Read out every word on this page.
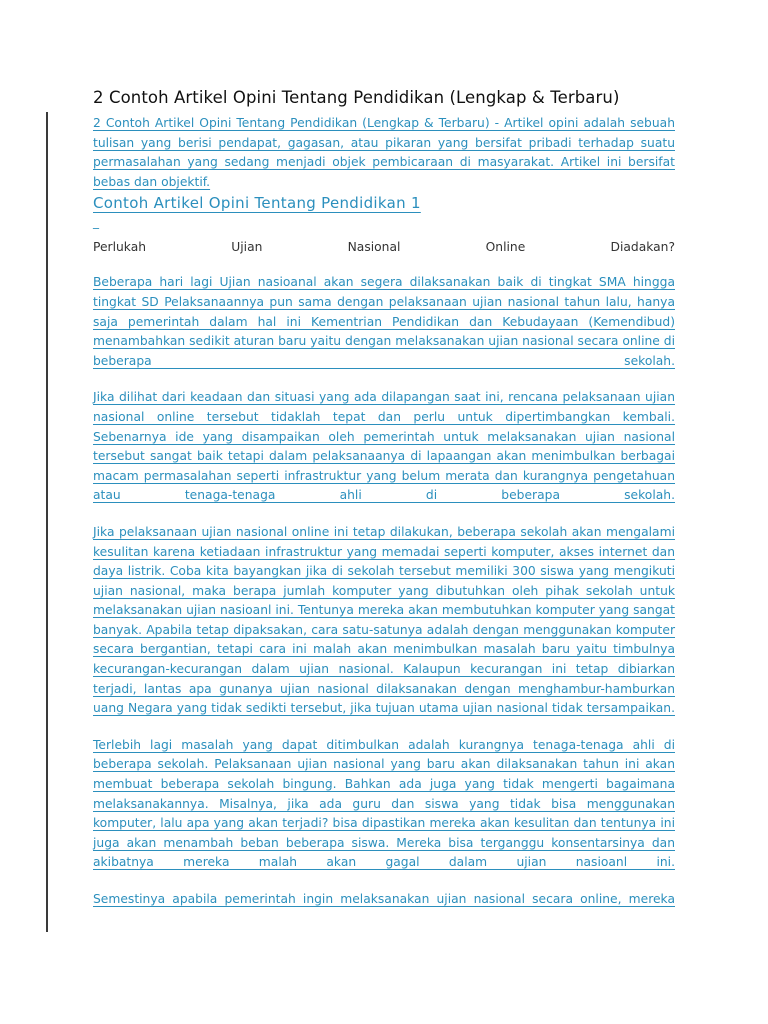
2 Contoh Artikel Opini Tentang Pendidikan (Lengkap & Terbaru)
2 Contoh Artikel Opini Tentang Pendidikan (Lengkap & Terbaru) - Artikel opini adalah sebuah tulisan yang berisi pendapat, gagasan, atau pikaran yang bersifat pribadi terhadap suatu permasalahan yang sedang menjadi objek pembicaraan di masyarakat. Artikel ini bersifat bebas dan objektif.
Contoh Artikel Opini Tentang Pendidikan 1
_
Perlukah	Ujian	Nasional	Online	Diadakan?
Beberapa hari lagi Ujian nasioanal akan segera dilaksanakan baik di tingkat SMA hingga tingkat SD Pelaksanaannya pun sama dengan pelaksanaan ujian nasional tahun lalu, hanya saja pemerintah dalam hal ini Kementrian Pendidikan dan Kebudayaan (Kemendibud) menambahkan sedikit aturan baru yaitu dengan melaksanakan ujian nasional secara online di beberapa sekolah.
Jika dilihat dari keadaan dan situasi yang ada dilapangan saat ini, rencana pelaksanaan ujian nasional online tersebut tidaklah tepat dan perlu untuk dipertimbangkan kembali. Sebenarnya ide yang disampaikan oleh pemerintah untuk melaksanakan ujian nasional tersebut sangat baik tetapi dalam pelaksanaanya di lapaangan akan menimbulkan berbagai macam permasalahan seperti infrastruktur yang belum merata dan kurangnya pengetahuan atau tenaga-tenaga ahli di beberapa sekolah.
Jika pelaksanaan ujian nasional online ini tetap dilakukan, beberapa sekolah akan mengalami kesulitan karena ketiadaan infrastruktur yang memadai seperti komputer, akses internet dan daya listrik. Coba kita bayangkan jika di sekolah tersebut memiliki 300 siswa yang mengikuti ujian nasional, maka berapa jumlah komputer yang dibutuhkan oleh pihak sekolah untuk melaksanakan ujian nasioanl ini. Tentunya mereka akan membutuhkan komputer yang sangat banyak. Apabila tetap dipaksakan, cara satu-satunya adalah dengan menggunakan komputer secara bergantian, tetapi cara ini malah akan menimbulkan masalah baru yaitu timbulnya kecurangan-kecurangan dalam ujian nasional. Kalaupun kecurangan ini tetap dibiarkan terjadi, lantas apa gunanya ujian nasional dilaksanakan dengan menghambur-hamburkan uang Negara yang tidak sedikti tersebut, jika tujuan utama ujian nasional tidak tersampaikan.
Terlebih lagi masalah yang dapat ditimbulkan adalah kurangnya tenaga-tenaga ahli di beberapa sekolah. Pelaksanaan ujian nasional yang baru akan dilaksanakan tahun ini akan membuat beberapa sekolah bingung. Bahkan ada juga yang tidak mengerti bagaimana melaksanakannya. Misalnya, jika ada guru dan siswa yang tidak bisa menggunakan komputer, lalu apa yang akan terjadi? bisa dipastikan mereka akan kesulitan dan tentunya ini juga akan menambah beban beberapa siswa. Mereka bisa terganggu konsentarsinya dan akibatnya mereka malah akan gagal dalam ujian nasioanl ini.
Semestinya apabila pemerintah ingin melaksanakan ujian nasional secara online, mereka
